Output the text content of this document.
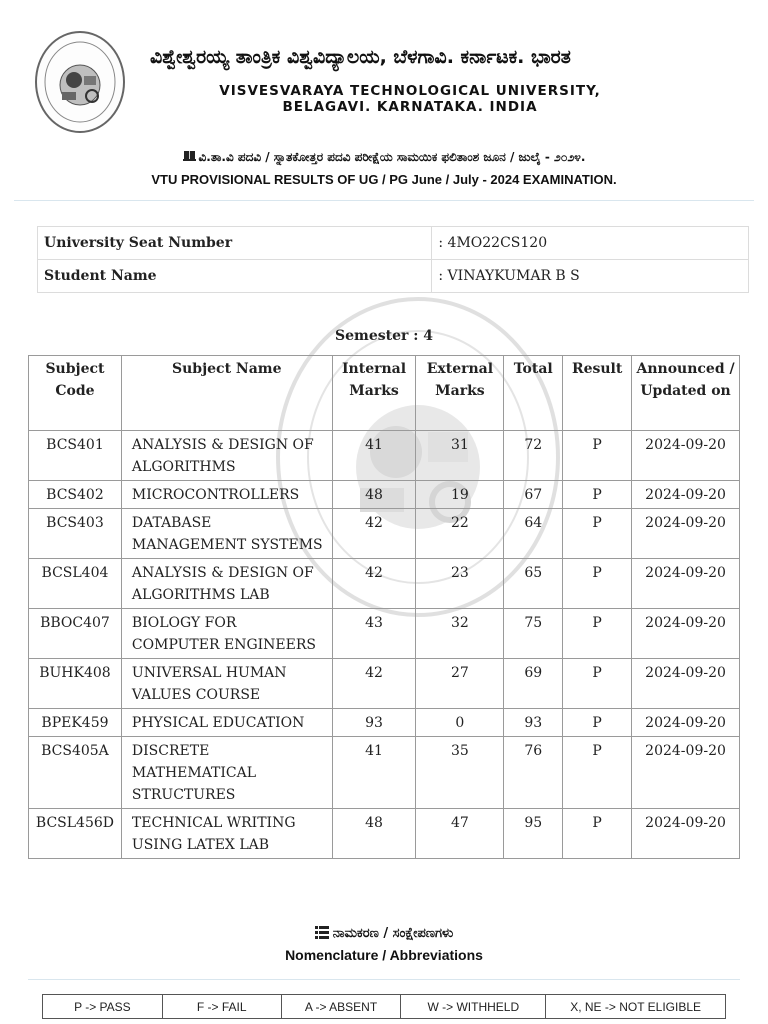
ವಿಶ್ವೇಶ್ವರಯ್ಯ ತಾಂತ್ರಿಕ ವಿಶ್ವವಿದ್ಯಾಲಯ, ಬೆಳಗಾವಿ. ಕರ್ನಾಟಕ. ಭಾರತ
VISVESVARAYA TECHNOLOGICAL UNIVERSITY,
BELAGAVI. KARNATAKA. INDIA
ವಿ.ತಾ.ವಿ ಪದವಿ / ಸ್ನಾತಕೋತ್ತರ ಪದವಿ ಪರೀಕ್ಷೆಯ ಸಾಮಯಿಕ ಫಲಿತಾಂಶ ಜೂನ / ಜುಲೈ - ೨೦೨೪.
VTU PROVISIONAL RESULTS OF UG / PG June / July - 2024 EXAMINATION.
University Seat Number	: 4MO22CS120
Student Name	: VINAYKUMAR B S
Semester : 4
Subject Code	Subject Name	Internal Marks	External Marks	Total	Result	Announced / Updated on
BCS401	ANALYSIS & DESIGN OF ALGORITHMS	41	31	72	P	2024-09-20
BCS402	MICROCONTROLLERS	48	19	67	P	2024-09-20
BCS403	DATABASE MANAGEMENT SYSTEMS	42	22	64	P	2024-09-20
BCSL404	ANALYSIS & DESIGN OF ALGORITHMS LAB	42	23	65	P	2024-09-20
BBOC407	BIOLOGY FOR COMPUTER ENGINEERS	43	32	75	P	2024-09-20
BUHK408	UNIVERSAL HUMAN VALUES COURSE	42	27	69	P	2024-09-20
BPEK459	PHYSICAL EDUCATION	93	0	93	P	2024-09-20
BCS405A	DISCRETE MATHEMATICAL STRUCTURES	41	35	76	P	2024-09-20
BCSL456D	TECHNICAL WRITING USING LATEX LAB	48	47	95	P	2024-09-20
ನಾಮಕರಣ / ಸಂಕ್ಷೇಪಣಗಳು
Nomenclature / Abbreviations
P -> PASS	F -> FAIL	A -> ABSENT	W -> WITHHELD	X, NE -> NOT ELIGIBLE
